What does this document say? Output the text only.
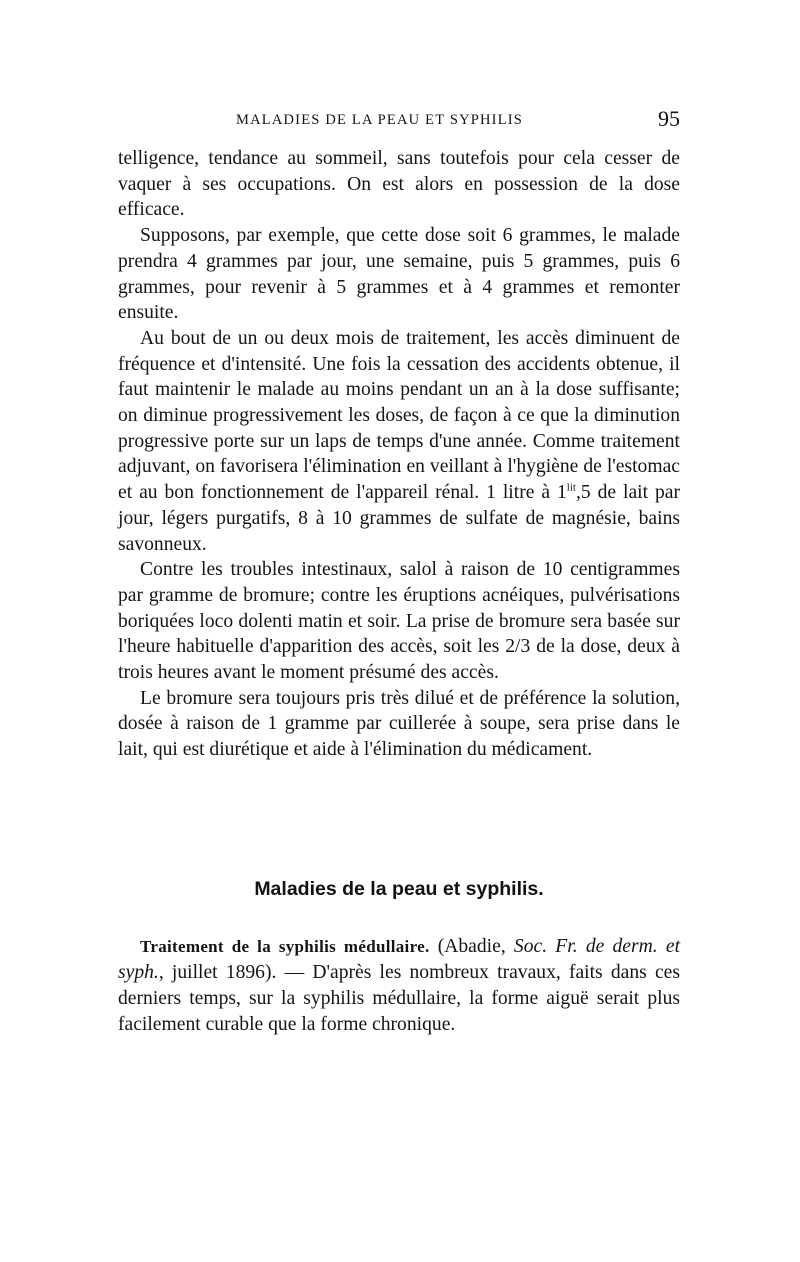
MALADIES DE LA PEAU ET SYPHILIS	95

telligence, tendance au sommeil, sans toutefois pour cela cesser de vaquer à ses occupations. On est alors en possession de la dose efficace.

Supposons, par exemple, que cette dose soit 6 grammes, le malade prendra 4 grammes par jour, une semaine, puis 5 grammes, puis 6 grammes, pour revenir à 5 grammes et à 4 grammes et remonter ensuite.

Au bout de un ou deux mois de traitement, les accès diminuent de fréquence et d'intensité. Une fois la cessation des accidents obtenue, il faut maintenir le malade au moins pendant un an à la dose suffisante; on diminue progressivement les doses, de façon à ce que la diminution progressive porte sur un laps de temps d'une année. Comme traitement adjuvant, on favorisera l'élimination en veillant à l'hygiène de l'estomac et au bon fonctionnement de l'appareil rénal. 1 litre à $1^{lit},5$ de lait par jour, légers purgatifs, 8 à 10 grammes de sulfate de magnésie, bains savonneux.

Contre les troubles intestinaux, salol à raison de 10 centigrammes par gramme de bromure; contre les éruptions acnéiques, pulvérisations boriquées loco dolenti matin et soir. La prise de bromure sera basée sur l'heure habituelle d'apparition des accès, soit les 2/3 de la dose, deux à trois heures avant le moment présumé des accès.

Le bromure sera toujours pris très dilué et de préférence la solution, dosée à raison de 1 gramme par cuillerée à soupe, sera prise dans le lait, qui est diurétique et aide à l'élimination du médicament.

Maladies de la peau et syphilis.

Traitement de la syphilis médullaire. (Abadie, Soc. Fr. de derm. et syph., juillet 1896). — D'après les nombreux travaux, faits dans ces derniers temps, sur la syphilis médullaire, la forme aiguë serait plus facilement curable que la forme chronique.
